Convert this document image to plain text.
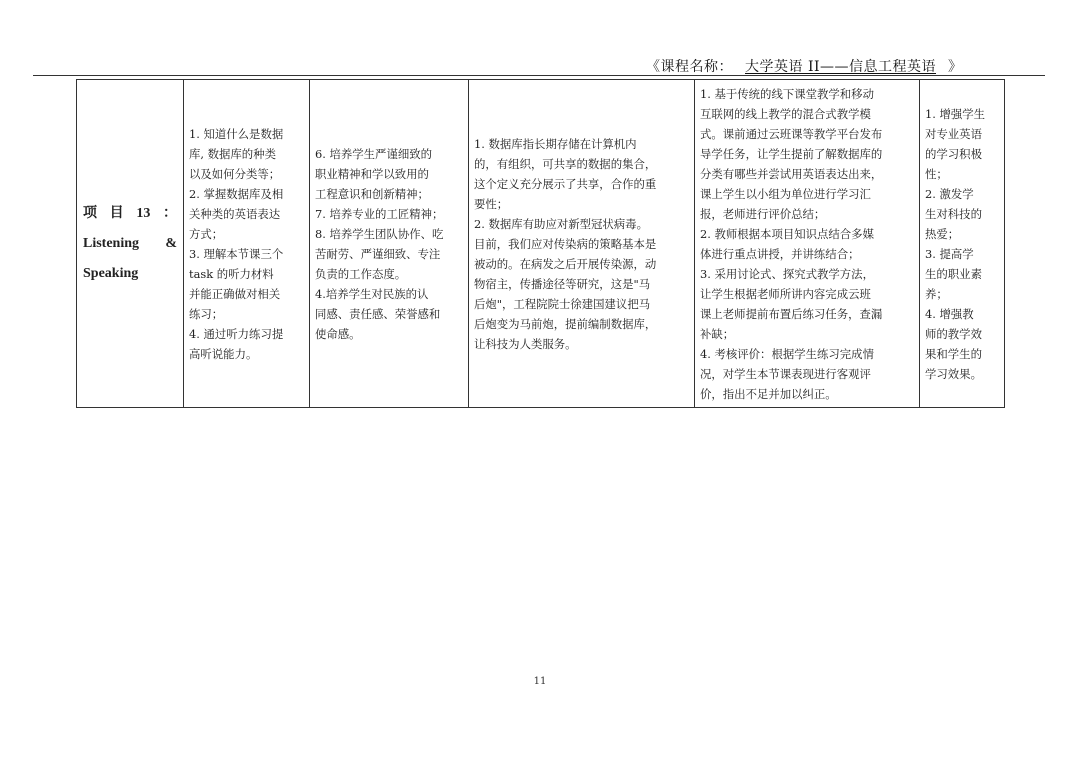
《课程名称： 大学英语 II——信息工程英语 》
项 目 13 ：
Listening &
Speaking

1. 知道什么是数据
库, 数据库的种类
以及如何分类等；
2. 掌握数据库及相
关种类的英语表达
方式；
3. 理解本节课三个
task 的听力材料
并能正确做对相关
练习；
4. 通过听力练习提
高听说能力。

6. 培养学生严谨细致的
职业精神和学以致用的
工程意识和创新精神；
7. 培养专业的工匠精神；
8. 培养学生团队协作、吃
苦耐劳、严谨细致、专注
负责的工作态度。
4.培养学生对民族的认
同感、责任感、荣誉感和
使命感。

1. 数据库指长期存储在计算机内
的，有组织，可共享的数据的集合，
这个定义充分展示了共享，合作的重
要性；
2. 数据库有助应对新型冠状病毒。
目前，我们应对传染病的策略基本是
被动的。在病发之后开展传染源，动
物宿主，传播途径等研究，这是"马
后炮"，工程院院士徐建国建议把马
后炮变为马前炮，提前编制数据库，
让科技为人类服务。

1. 基于传统的线下课堂教学和移动
互联网的线上教学的混合式教学模
式。课前通过云班课等教学平台发布
导学任务，让学生提前了解数据库的
分类有哪些并尝试用英语表达出来，
课上学生以小组为单位进行学习汇
报，老师进行评价总结；
2. 教师根据本项目知识点结合多媒
体进行重点讲授，并讲练结合；
3. 采用讨论式、探究式教学方法，
让学生根据老师所讲内容完成云班
课上老师提前布置后练习任务，查漏
补缺；
4. 考核评价：根据学生练习完成情
况，对学生本节课表现进行客观评
价，指出不足并加以纠正。

1. 增强学生
对专业英语
的学习积极
性；
2. 激发学
生对科技的
热爱；
3. 提高学
生的职业素
养；
4. 增强教
师的教学效
果和学生的
学习效果。
11
